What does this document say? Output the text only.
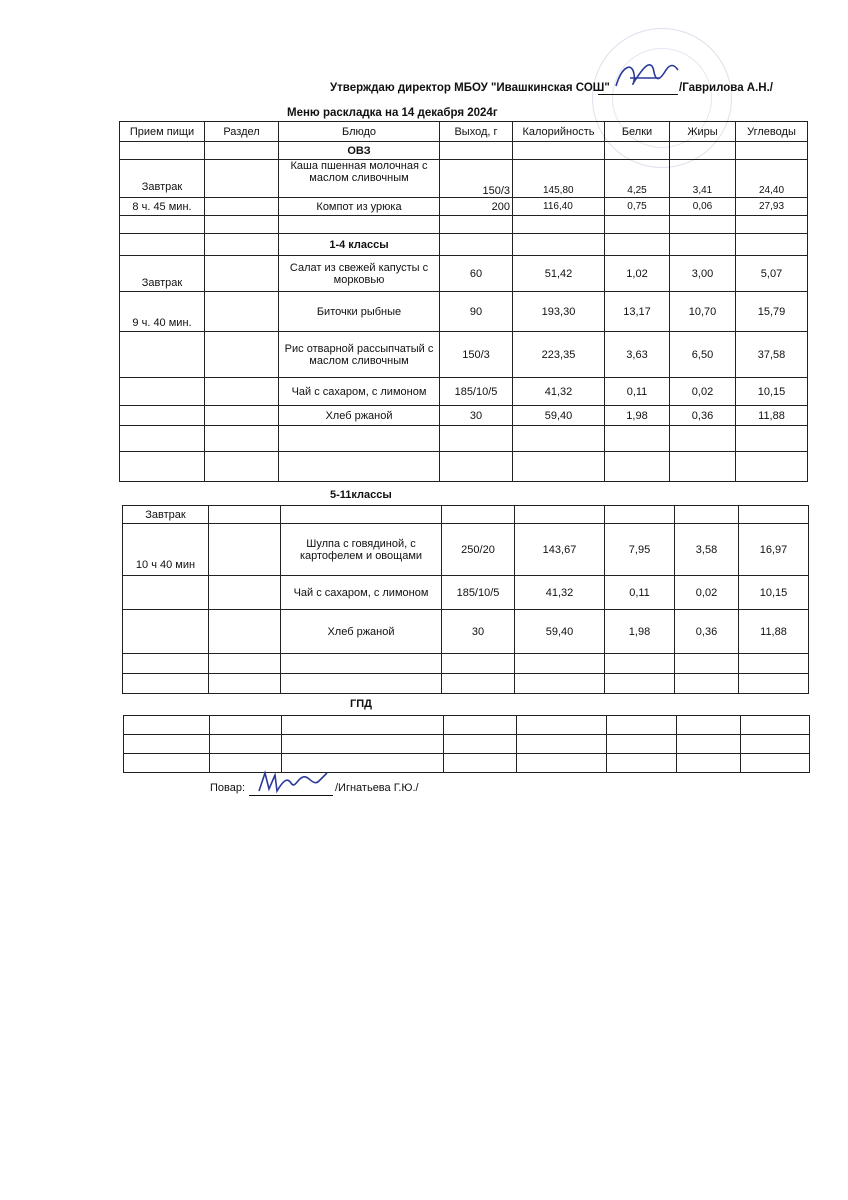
Утверждаю директор МБОУ "Ивашкинская СОШ"	/Гаврилова А.Н./
Меню раскладка на 14 декабря 2024г
Прием пищи	Раздел	Блюдо	Выход, г	Калорийность	Белки	Жиры	Углеводы
		ОВЗ					
Завтрак		Каша пшенная молочная с маслом сливочным	150/3	145,80	4,25	3,41	24,40
8 ч. 45 мин.		Компот из урюка	200	116,40	0,75	0,06	27,93

		1-4 классы					
Завтрак		Салат из свежей капусты с морковью	60	51,42	1,02	3,00	5,07
9 ч. 40 мин.		Биточки рыбные	90	193,30	13,17	10,70	15,79
		Рис отварной рассыпчатый с маслом сливочным	150/3	223,35	3,63	6,50	37,58
		Чай с сахаром, с лимоном	185/10/5	41,32	0,11	0,02	10,15
		Хлеб ржаной	30	59,40	1,98	0,36	11,88

5-11классы
Завтрак							
10 ч 40 мин		Шулпа с говядиной, с картофелем и овощами	250/20	143,67	7,95	3,58	16,97
		Чай с сахаром, с лимоном	185/10/5	41,32	0,11	0,02	10,15
		Хлеб ржаной	30	59,40	1,98	0,36	11,88

ГПД

Повар:	/Игнатьева Г.Ю./
